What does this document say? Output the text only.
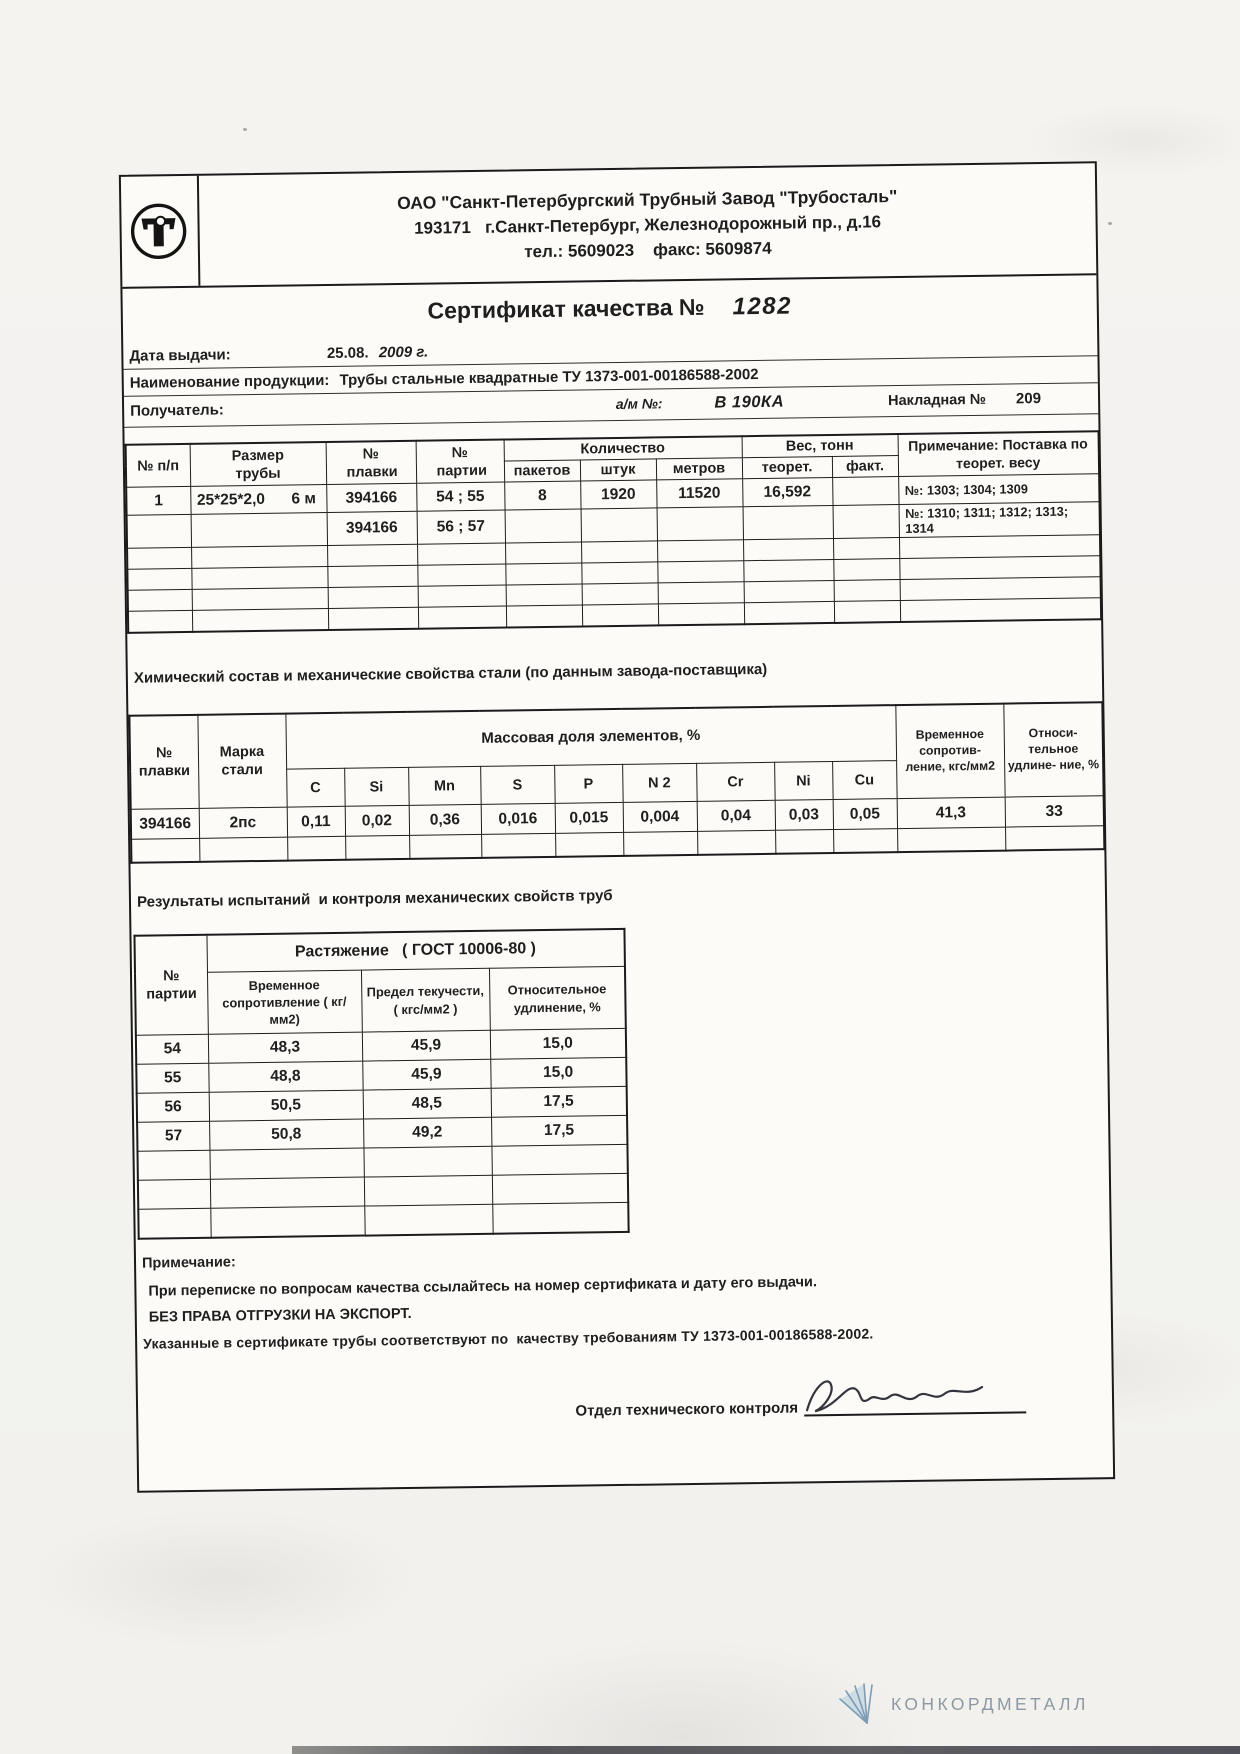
ОАО "Санкт-Петербургский Трубный Завод "Трубосталь"
193171   г.Санкт-Петербург, Железнодорожный пр., д.16
тел.: 5609023    факс: 5609874
Сертификат качества № 1282
Дата выдачи:	25.08. 2009 г.
Наименование продукции: Трубы стальные квадратные ТУ 1373-001-00186588-2002
Получатель:	а/м №:	В 190КА	Накладная № 209
№ п/п	Размер трубы	№ плавки	№ партии	Количество			Вес, тонн		Примечание: Поставка по теорет. весу
				пакетов	штук	метров	теорет.	факт.	
1	25*25*2,0 6 м	394166	54 ; 55	8	1920	11520	16,592		№: 1303; 1304; 1309
		394166	56 ; 57						№: 1310; 1311; 1312; 1313; 1314

Химический состав и механические свойства стали (по данным завода-поставщика)
№ плавки	Марка стали	Массовая доля элементов, %									Временное сопротив- ление, кгс/мм2	Относи- тельное удлине- ние, %
		C	Si	Mn	S	P	N 2	Cr	Ni	Cu		
394166	2пс	0,11	0,02	0,36	0,016	0,015	0,004	0,04	0,03	0,05	41,3	33

Результаты испытаний  и контроля механических свойств труб
№ партии	Растяжение   ( ГОСТ 10006-80 )		
	Временное сопротивление ( кг/мм2)	Предел текучести, ( кгс/мм2 )	Относительное удлинение, %
54	48,3	45,9	15,0
55	48,8	45,9	15,0
56	50,5	48,5	17,5
57	50,8	49,2	17,5

Примечание:
При переписке по вопросам качества ссылайтесь на номер сертификата и дату его выдачи.
БЕЗ ПРАВА ОТГРУЗКИ НА ЭКСПОРТ.
Указанные в сертификате трубы соответствуют по  качеству требованиям ТУ 1373-001-00186588-2002.
Отдел технического контроля
КОНКОРДМЕТАЛЛ
